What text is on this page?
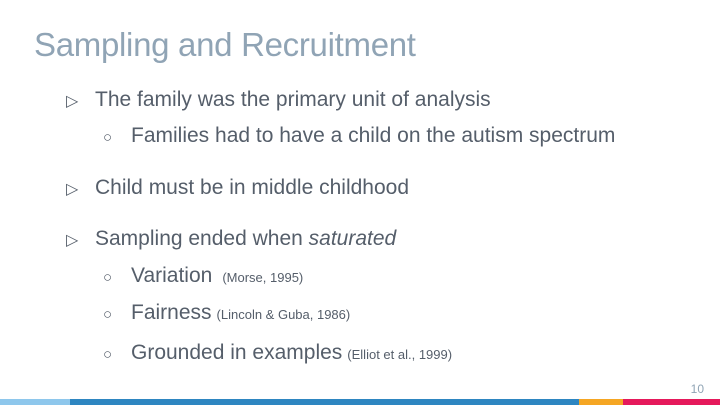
Sampling and Recruitment
▷ The family was the primary unit of analysis
○ Families had to have a child on the autism spectrum
▷ Child must be in middle childhood
▷ Sampling ended when saturated
○ Variation (Morse, 1995)
○ Fairness (Lincoln & Guba, 1986)
○ Grounded in examples (Elliot et al., 1999)
10
